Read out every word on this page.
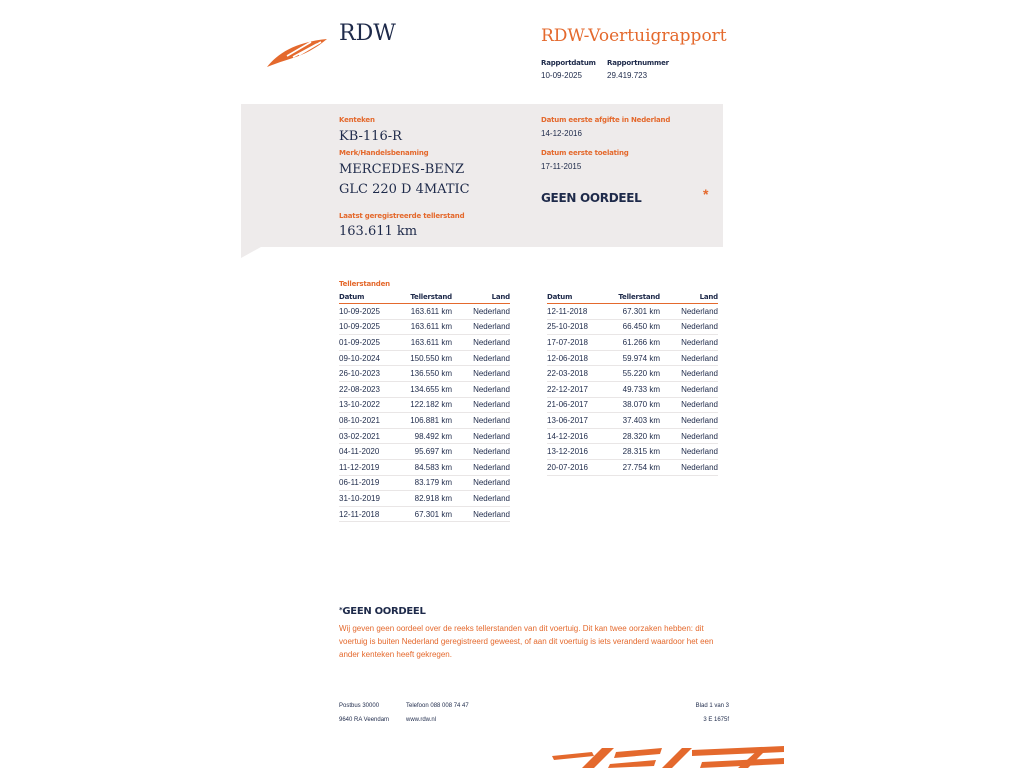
RDW	RDW-Voertuigrapport
Rapportdatum
10-09-2025
Rapportnummer
29.419.723
Kenteken
KB-116-R
Merk/Handelsbenaming
MERCEDES-BENZ
GLC 220 D 4MATIC
Laatst geregistreerde tellerstand
163.611 km
Datum eerste afgifte in Nederland
14-12-2016
Datum eerste toelating
17-11-2015
GEEN OORDEEL	*
Tellerstanden
Datum	Tellerstand	Land
10-09-2025	163.611 km	Nederland
10-09-2025	163.611 km	Nederland
01-09-2025	163.611 km	Nederland
09-10-2024	150.550 km	Nederland
26-10-2023	136.550 km	Nederland
22-08-2023	134.655 km	Nederland
13-10-2022	122.182 km	Nederland
08-10-2021	106.881 km	Nederland
03-02-2021	98.492 km	Nederland
04-11-2020	95.697 km	Nederland
11-12-2019	84.583 km	Nederland
06-11-2019	83.179 km	Nederland
31-10-2019	82.918 km	Nederland
12-11-2018	67.301 km	Nederland
Datum	Tellerstand	Land
12-11-2018	67.301 km	Nederland
25-10-2018	66.450 km	Nederland
17-07-2018	61.266 km	Nederland
12-06-2018	59.974 km	Nederland
22-03-2018	55.220 km	Nederland
22-12-2017	49.733 km	Nederland
21-06-2017	38.070 km	Nederland
13-06-2017	37.403 km	Nederland
14-12-2016	28.320 km	Nederland
13-12-2016	28.315 km	Nederland
20-07-2016	27.754 km	Nederland
*GEEN OORDEEL
Wij geven geen oordeel over de reeks tellerstanden van dit voertuig. Dit kan twee oorzaken hebben: dit voertuig is buiten Nederland geregistreerd geweest, of aan dit voertuig is iets veranderd waardoor het een ander kenteken heeft gekregen.
Postbus 30000
9640 RA Veendam
Telefoon 088 008 74 47
www.rdw.nl
Blad 1 van 3
3 E 1675f
